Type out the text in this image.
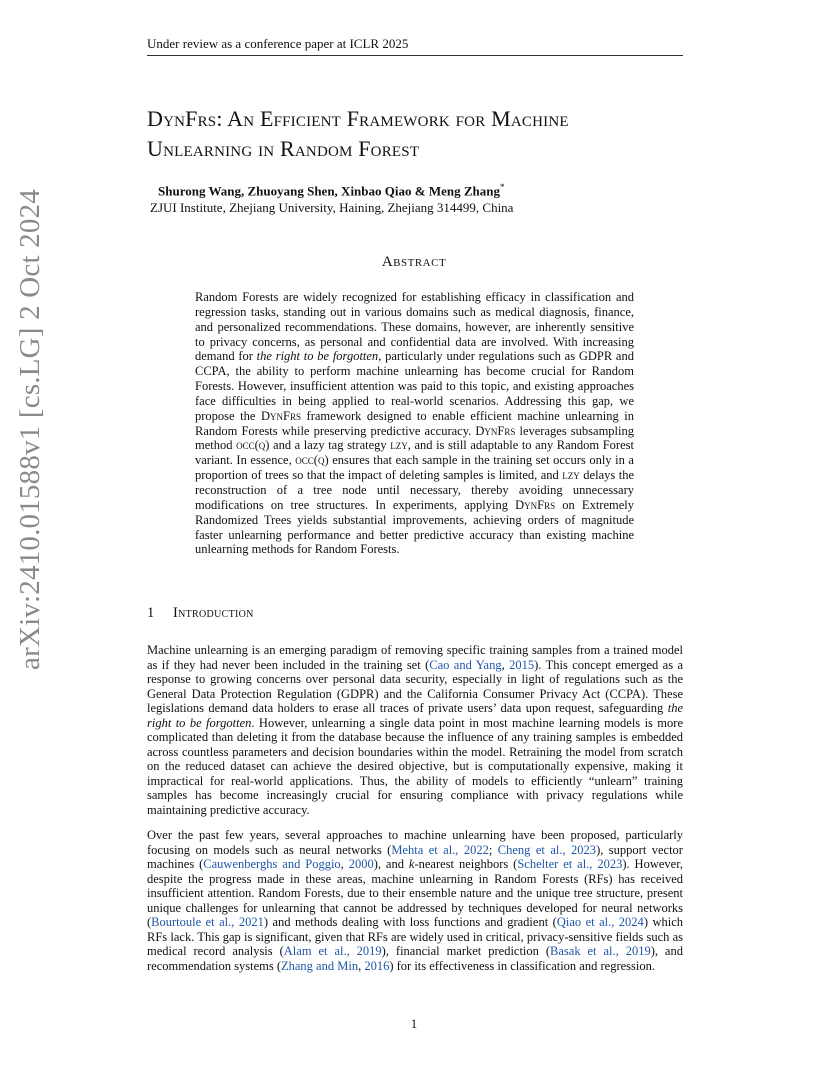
Under review as a conference paper at ICLR 2025
arXiv:2410.01588v1 [cs.LG] 2 Oct 2024
DynFrs: An Efficient Framework for Machine
Unlearning in Random Forest
Shurong Wang, Zhuoyang Shen, Xinbao Qiao & Meng Zhang*
ZJUI Institute, Zhejiang University, Haining, Zhejiang 314499, China
Abstract
Random Forests are widely recognized for establishing efficacy in classification and regression tasks, standing out in various domains such as medical diagnosis, finance, and personalized recommendations. These domains, however, are inherently sensitive to privacy concerns, as personal and confidential data are involved. With increasing demand for the right to be forgotten, particularly under regulations such as GDPR and CCPA, the ability to perform machine unlearning has become crucial for Random Forests. However, insufficient attention was paid to this topic, and existing approaches face difficulties in being applied to real-world scenarios. Addressing this gap, we propose the DynFrs framework designed to enable efficient machine unlearning in Random Forests while preserving predictive accuracy. DynFrs leverages subsampling method occ(q) and a lazy tag strategy lzy, and is still adaptable to any Random Forest variant. In essence, occ(q) ensures that each sample in the training set occurs only in a proportion of trees so that the impact of deleting samples is limited, and lzy delays the reconstruction of a tree node until necessary, thereby avoiding unnecessary modifications on tree structures. In experiments, applying DynFrs on Extremely Randomized Trees yields substantial improvements, achieving orders of magnitude faster unlearning performance and better predictive accuracy than existing machine unlearning methods for Random Forests.
1 Introduction
Machine unlearning is an emerging paradigm of removing specific training samples from a trained model as if they had never been included in the training set (Cao and Yang, 2015). This concept emerged as a response to growing concerns over personal data security, especially in light of regulations such as the General Data Protection Regulation (GDPR) and the California Consumer Privacy Act (CCPA). These legislations demand data holders to erase all traces of private users’ data upon request, safeguarding the right to be forgotten. However, unlearning a single data point in most machine learning models is more complicated than deleting it from the database because the influence of any training samples is embedded across countless parameters and decision boundaries within the model. Retraining the model from scratch on the reduced dataset can achieve the desired objective, but is computationally expensive, making it impractical for real-world applications. Thus, the ability of models to efficiently “unlearn” training samples has become increasingly crucial for ensuring compliance with privacy regulations while maintaining predictive accuracy.
Over the past few years, several approaches to machine unlearning have been proposed, particularly focusing on models such as neural networks (Mehta et al., 2022; Cheng et al., 2023), support vector machines (Cauwenberghs and Poggio, 2000), and k-nearest neighbors (Schelter et al., 2023). However, despite the progress made in these areas, machine unlearning in Random Forests (RFs) has received insufficient attention. Random Forests, due to their ensemble nature and the unique tree structure, present unique challenges for unlearning that cannot be addressed by techniques developed for neural networks (Bourtoule et al., 2021) and methods dealing with loss functions and gradient (Qiao et al., 2024) which RFs lack. This gap is significant, given that RFs are widely used in critical, privacy-sensitive fields such as medical record analysis (Alam et al., 2019), financial market prediction (Basak et al., 2019), and recommendation systems (Zhang and Min, 2016) for its effectiveness in classification and regression.
1
